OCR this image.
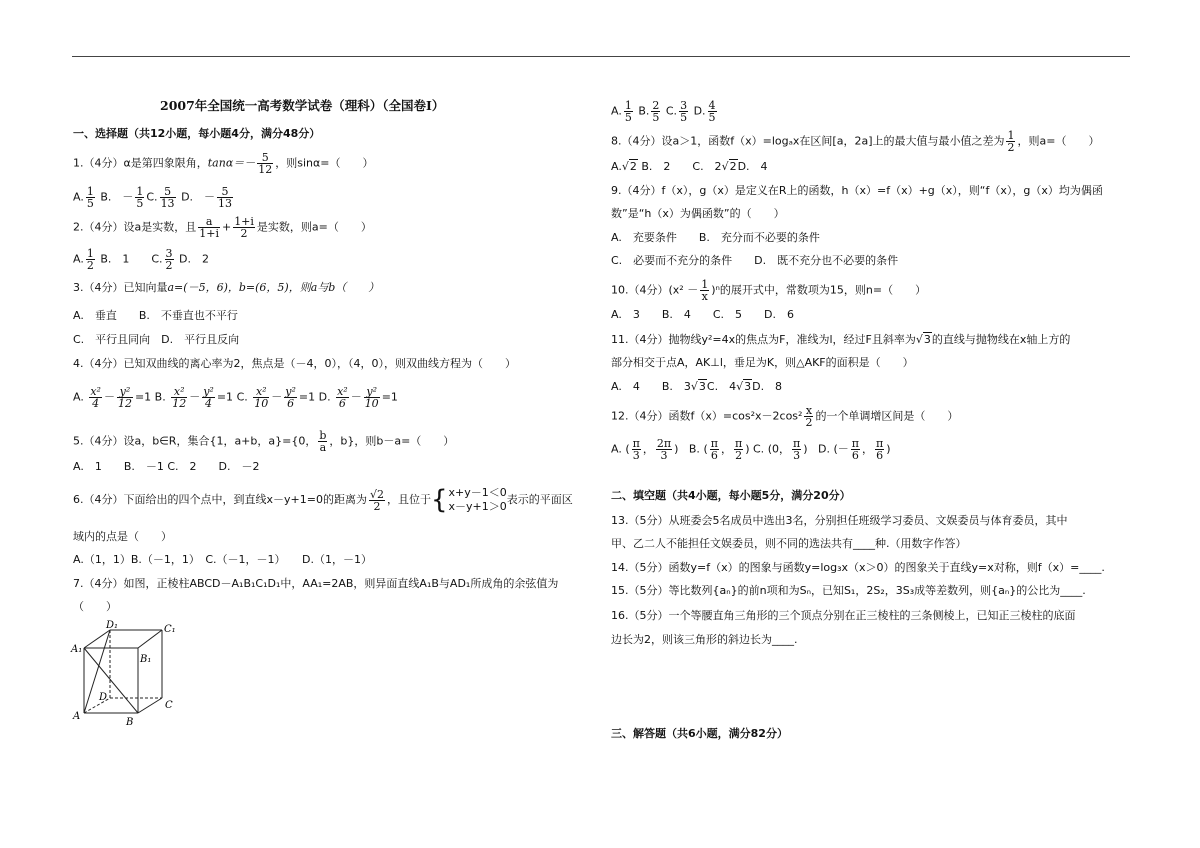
2007年全国统一高考数学试卷（理科）（全国卷Ⅰ）
一、选择题（共12小题，每小题4分，满分48分）
1.（4分）α是第四象限角，$\tan\alpha=- \frac{5}{12}$ ，则sinα=（　　）
A. $\frac{1}{5} B$.　－ $\frac{1}{5} C$. $\frac{5}{13} D$.　－ $\frac{5}{13}$
2.（4分）设a是实数，且 $\frac{a}{1+i} + \frac{1+i}{2}$ 是实数，则a=（　　）
A. $\frac{1}{2} B$.　1　　C. $\frac{3}{2} D$.　2
3.（4分）已知向量a=(－5，6)，b=(6，5)，则a与b（　　）
A.　垂直　　B.　不垂直也不平行
C.　平行且同向　D.　平行且反向
4.（4分）已知双曲线的离心率为2，焦点是（－4，0），（4，0），则双曲线方程为（　　）
A. $\frac{\text{x²}}{4} - \frac{\text{y²}}{12} =1$ B. $\frac{\text{x²}}{12} - \frac{\text{y²}}{4} =1$ C. $\frac{\text{x²}}{10} - \frac{\text{y²}}{6} =1$ D. $\frac{\text{x²}}{6} - \frac{\text{y²}}{10} =1$
5.（4分）设a，b∈R，集合{1，a+b，a}={0， $\frac{b}{a}$ ，b}，则b－a=（　　）
A.　1　　B.　－1 C.　2　　D.　－2
6.（4分）下面给出的四个点中，到直线x－y+1=0的距离为 $\frac{√2}{2}$ ，且位于{ x+y－1＜0
x－y+1＞0
表示的平面区
域内的点是（　　）
A.（1，1）B.（－1，1）　C.（－1，－1）　　D.（1，－1）
7.（4分）如图，正棱柱ABCD－A₁B₁C₁D₁中，AA₁=2AB，则异面直线A₁B与AD₁所成角的余弦值为
（　　）
D₁	C₁
A₁
B₁
D
C
A
B
A. $\frac{1}{5} B$. $\frac{2}{5} C$. $\frac{3}{5} D$. $\frac{4}{5}$
8.（4分）设a＞1，函数f（x）=logₐx在区间[a，2a]上的最大值与最小值之差为 $\frac{1}{2}$ ，则a=（　　）
A.√2 B.　2　　C.　2√2D.　4
9.（4分）f（x），g（x）是定义在R上的函数，h（x）=f（x）+g（x），则“f（x），g（x）均为偶函
数”是“h（x）为偶函数”的（　　）
A.　充要条件　　B.　充分而不必要的条件
C.　必要而不充分的条件　　D.　既不充分也不必要的条件
10.（4分）$(x^2 - \frac{1}{x} )^n$的展开式中，常数项为15，则n=（　　）
A.　3　　B.　4　　C.　5　　D.　6
11.（4分）抛物线y²=4x的焦点为F，准线为l，经过F且斜率为√3的直线与抛物线在x轴上方的
部分相交于点A，AK⊥l，垂足为K，则△AKF的面积是（　　）
A.　4　　B.　3√3C.　4√3D.　8
12.（4分）函数$f(x)=\cos^2x-2\cos^2 \frac{x}{2}$ 的一个单调增区间是（　　）
A. ( $\frac{\pi}{3}$ ， $\frac{2\pi}{3}$ ) B. ( $\frac{\pi}{6}$ ， $\frac{\pi}{2}$ ) C. (0， $\frac{\pi}{3}$ ) D. (－ $\frac{\pi}{6}$ ， $\frac{\pi}{6}$ )
二、填空题（共4小题，每小题5分，满分20分）
13.（5分）从班委会5名成员中选出3名，分别担任班级学习委员、文娱委员与体育委员，其中
甲、乙二人不能担任文娱委员，则不同的选法共有____种.（用数字作答）
14.（5分）函数y=f（x）的图象与函数y=log₃x（x＞0）的图象关于直线y=x对称，则f（x）=____.
15.（5分）等比数列{aₙ}的前n项和为Sₙ，已知S₁，2S₂，3S₃成等差数列，则{aₙ}的公比为____.
16.（5分）一个等腰直角三角形的三个顶点分别在正三棱柱的三条侧棱上，已知正三棱柱的底面
边长为2，则该三角形的斜边长为____.
三、解答题（共6小题，满分82分）
